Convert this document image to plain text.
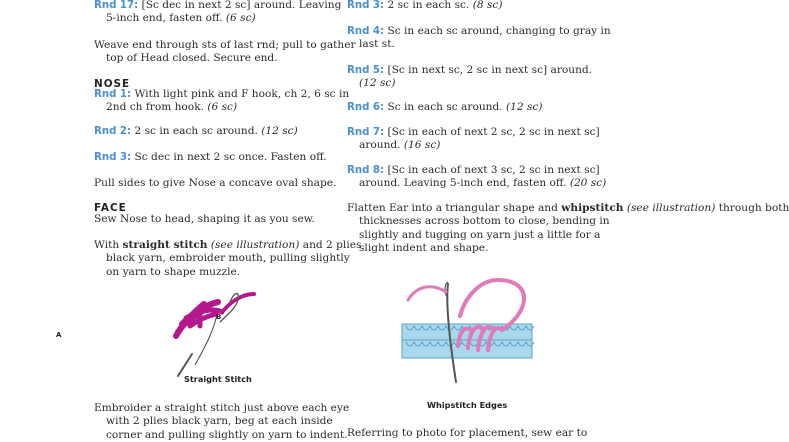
Rnd 17: [Sc dec in next 2 sc] around. Leaving
5-inch end, fasten off. (6 sc)

Weave end through sts of last rnd; pull to gather
top of Head closed. Secure end.

NOSE

Rnd 1: With light pink and F hook, ch 2, 6 sc in
2nd ch from hook. (6 sc)

Rnd 2: 2 sc in each sc around. (12 sc)

Rnd 3: Sc dec in next 2 sc once. Fasten off.

Pull sides to give Nose a concave oval shape.

FACE

Sew Nose to head, shaping it as you sew.

With straight stitch (see illustration) and 2 plies
black yarn, embroider mouth, pulling slightly
on yarn to shape muzzle.

Embroider a straight stitch just above each eye
with 2 plies black yarn, beg at each inside
corner and pulling slightly on yarn to indent.

A
B
Straight Stitch

Rnd 3: 2 sc in each sc. (8 sc)

Rnd 4: Sc in each sc around, changing to gray in
last st.

Rnd 5: [Sc in next sc, 2 sc in next sc] around.
(12 sc)

Rnd 6: Sc in each sc around. (12 sc)

Rnd 7: [Sc in each of next 2 sc, 2 sc in next sc]
around. (16 sc)

Rnd 8: [Sc in each of next 3 sc, 2 sc in next sc]
around. Leaving 5-inch end, fasten off. (20 sc)

Flatten Ear into a triangular shape and whipstitch (see illustration) through both
thicknesses across bottom to close, bending in
slightly and tugging on yarn just a little for a
slight indent and shape.

Referring to photo for placement, sew ear to

Whipstitch Edges
